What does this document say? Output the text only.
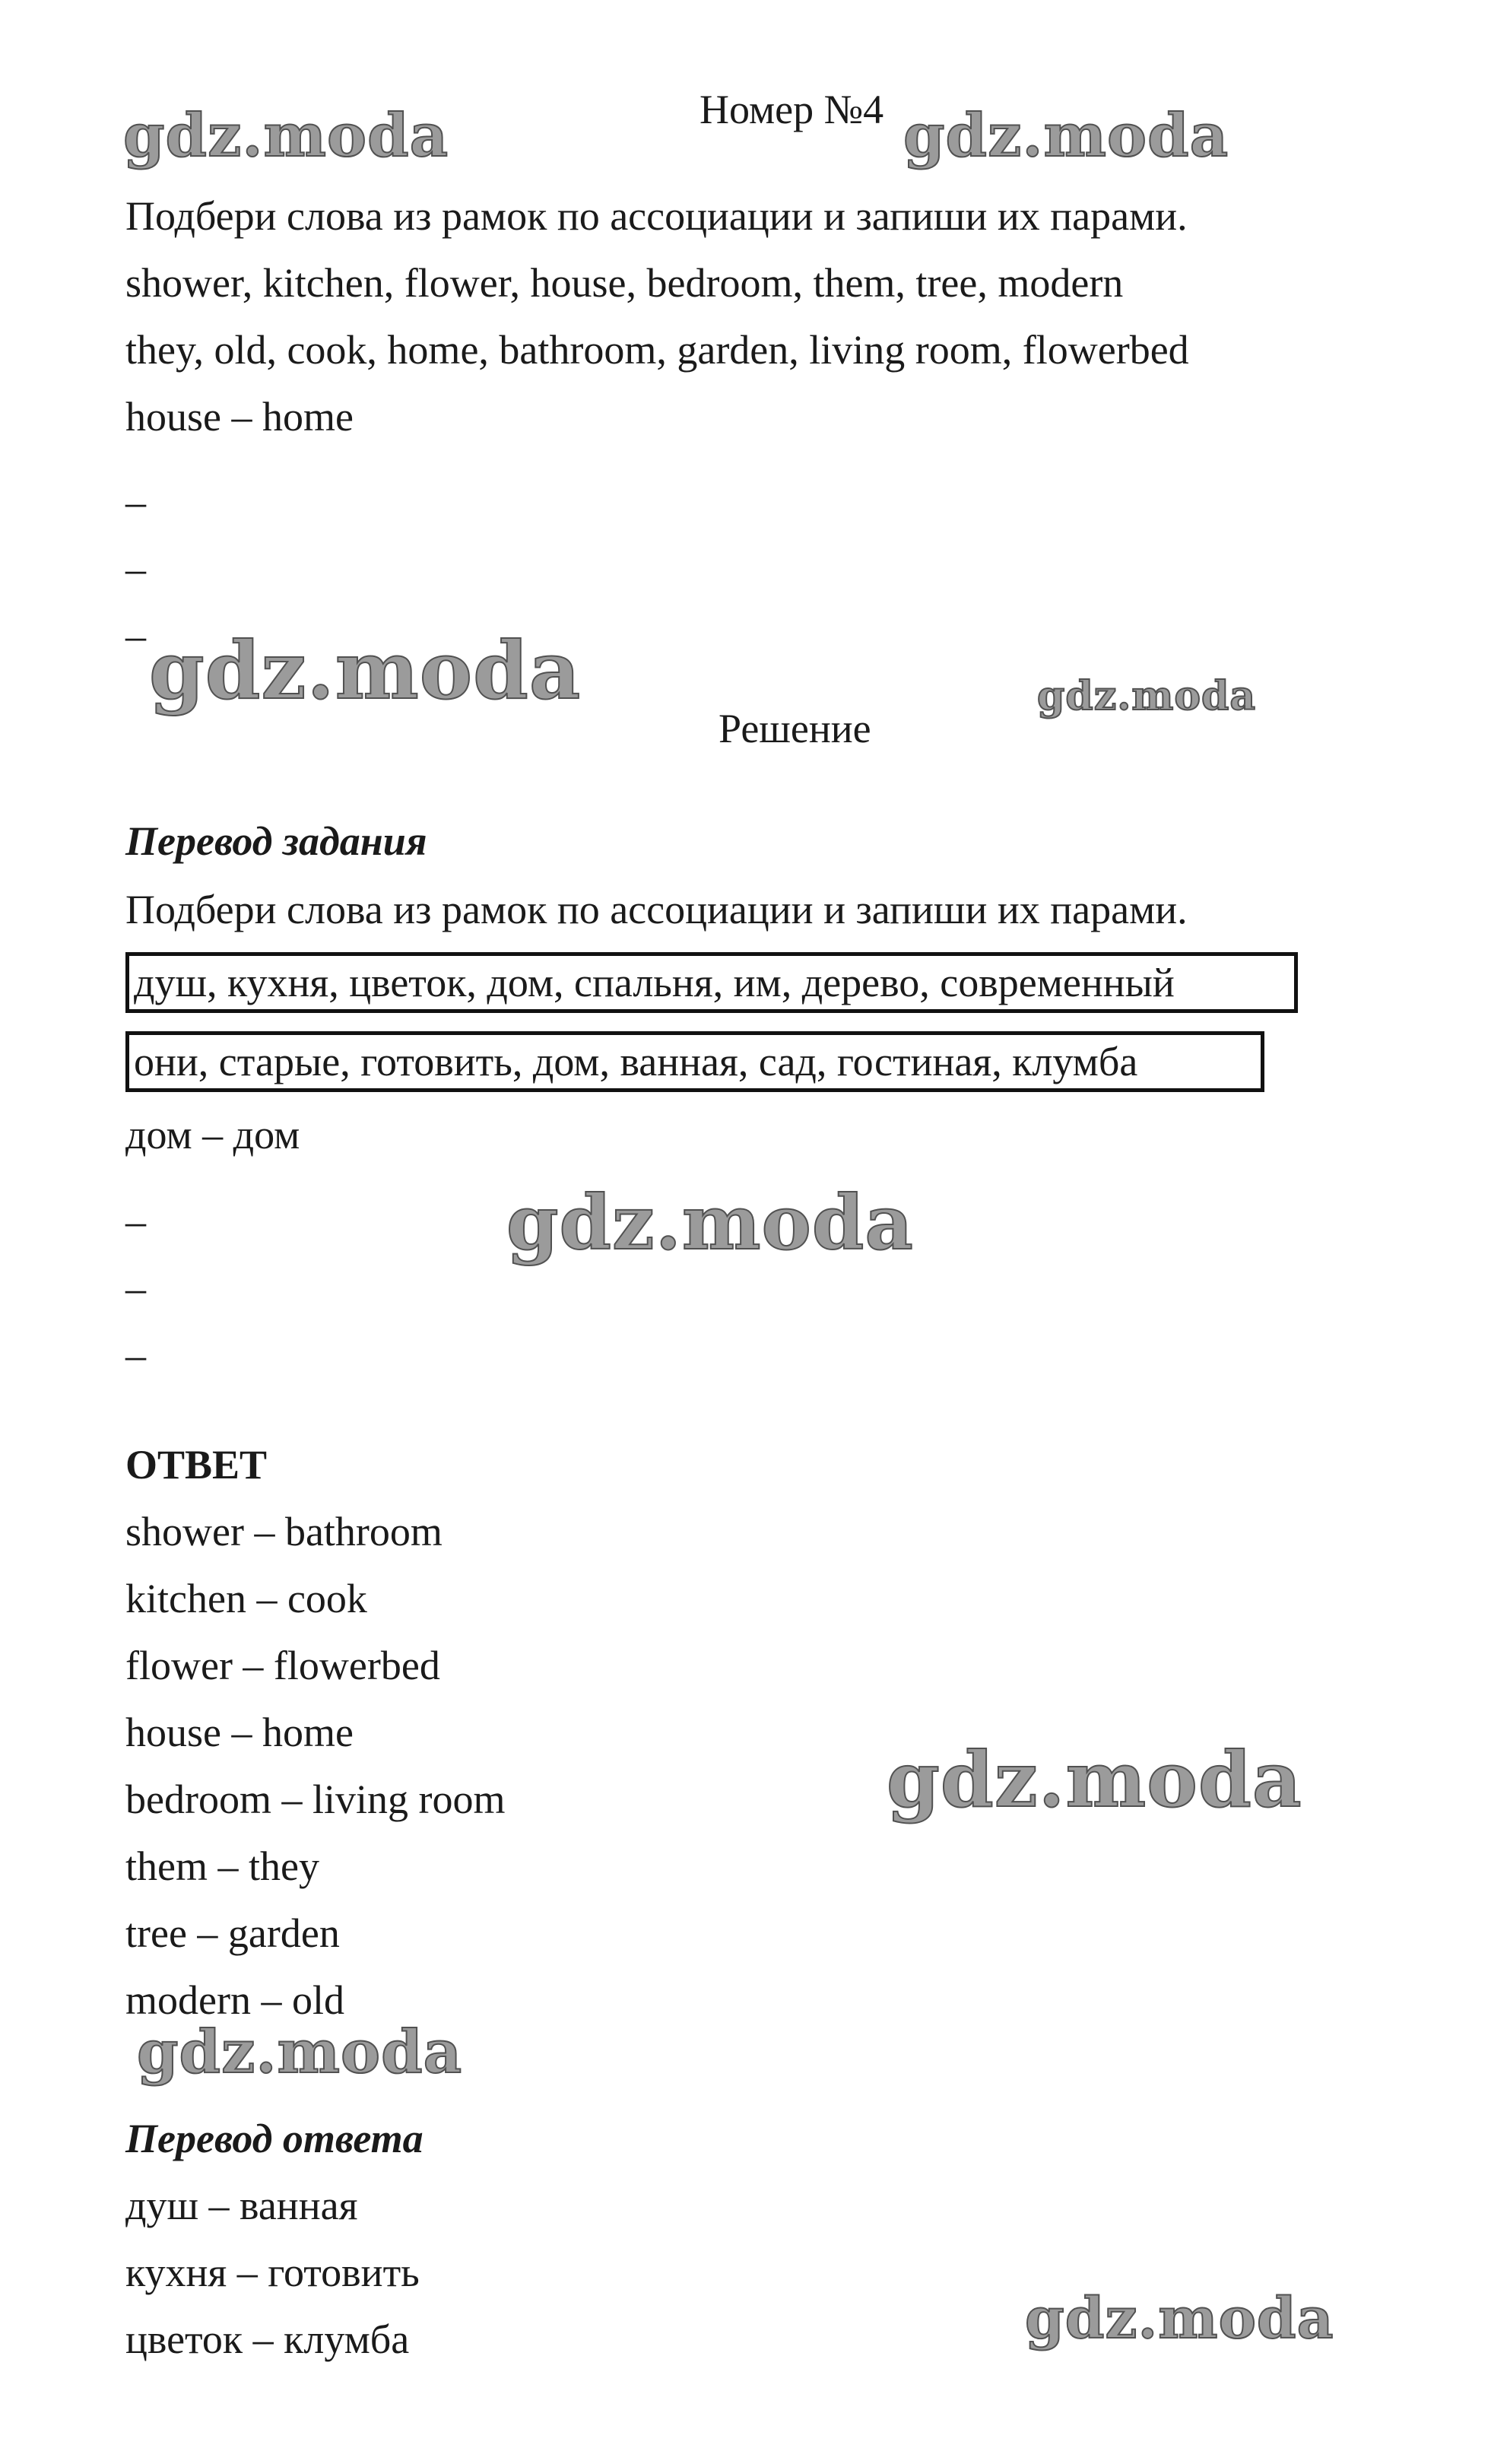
Номер №4
Подбери слова из рамок по ассоциации и запиши их парами.
shower, kitchen, flower, house, bedroom, them, tree, modern
they, old, cook, home, bathroom, garden, living room, flowerbed
house – home
–
–
–
Решение
Перевод задания
Подбери слова из рамок по ассоциации и запиши их парами.
душ, кухня, цветок, дом, спальня, им, дерево, современный
они, старые, готовить, дом, ванная, сад, гостиная, клумба
дом – дом
–
–
–
ОТВЕТ
shower – bathroom
kitchen – cook
flower – flowerbed
house – home
bedroom – living room
them – they
tree – garden
modern – old
Перевод ответа
душ – ванная
кухня – готовить
цветок – клумба
gdz.moda	gdz.moda
gdz.moda	gdz.moda
gdz.moda
gdz.moda
gdz.moda
gdz.moda
